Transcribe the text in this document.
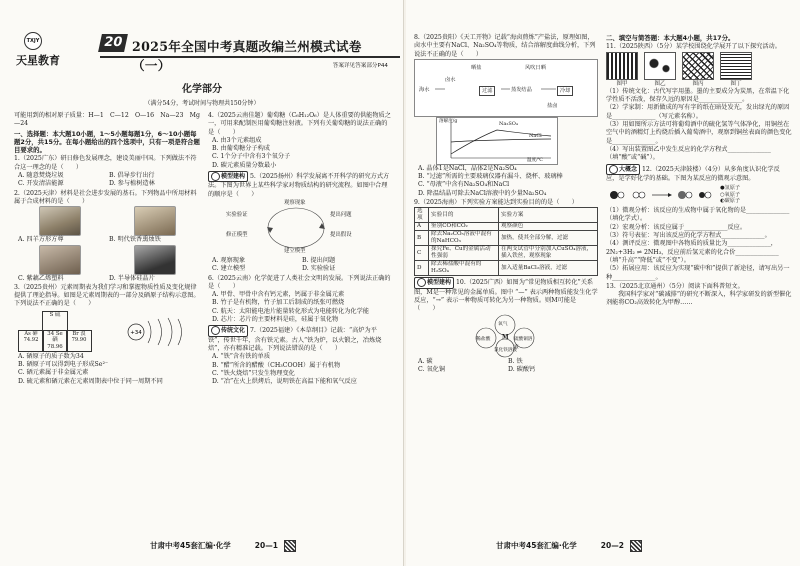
TXJY
天星教育
20 2025年全国中考真题改编兰州模式试卷（一）	答案详见答案部分P44
化学部分
（满分54分，考试时间与物理共150分钟）

可能用到的相对原子质量：H—1　C—12　O—16　Na—23　Mg—24

一、选择题：本大题10小题，1～5小题每题1分，6～10小题每题2分，共15分。在每小题给出的四个选项中，只有一项是符合题目要求的。

1.（2025广东）研日修色发展理念，建设美丽中国。下列做法不符合这一理念的是（　　）

A. 随意焚烧垃圾	B. 倡导步行出行
C. 开发清洁能源	D. 参与植树造林

2.（2025天津）材料是社会进步发展的基石。下列物品中所用材料属于合成材料的是（　　）

A. 四羊方形方尊	B. 明代铁香熏烛铁
C. 紫藕乙烯塑料	D. 半导体硅晶片

3.（2025贵州）元素周期表为我们学习和掌握物质性质及变化规律提供了理论指导。如图是元素周期表的一部分及硒原子结构示意图。下列说法不正确的是（　　）

S 硫
As 砷 74.92
34 Se
硒
78.96
Br 溴 79.90
+34

A. 硒原子的质子数为34

B. 硒原子可以得到电子形成Se²⁻

C. 硒元素属于非金属元素

D. 硫元素和硒元素在元素周期表中位于同一周期不同

4.（2025云南佳题）葡萄糖（C₆H₁₂O₆）是人体重要的供能物质之一，可用来配制医用葡萄糖注射液。下列有关葡萄糖的说法正确的是（　　）

A. 由3个元素组成

B. 由葡萄糖分子构成

C. 1个分子中含有3个氧分子

D. 碳元素质量分数最小

模型建构 5.（2025扬州）科学发展离不开科学的研究方式方法。下图为世界上某些科学家对物质结构的研究流程。如图中合理的顺序是（　　）

观察现象
提出问题
提出假设
建立模型
修正模型
实验验证
A. 观察现象	B. 提出问题
C. 建立模型	D. 实验验证

6.（2025云南）化学促进了人类社会文明的发展。下列说法正确的是（　　）

A. 甲骨、甲骨中含有钙元素，钙属于非金属元素

B. 竹子是有机物，竹子加工后制成的纸张可燃烧

C. 航天：太阳能电池片能量转化形式为电能转化为化学能

D. 芯片：芯片的主要材料是硅，硅属于氧化物

传统文化 7.（2025福建）《本草纲目》记载：“高炉为平铁”，传世千年，含有铁元素。古人“铁为炉，以火锻之，冶炼烧焙”，亦有精准记载。下列说法错误的是（　　）

A. “铁”含有铁的单质

B. “醋”所含的醋酸（CH₃COOH）属于有机物

C. “铁火烧焙”只发生物理变化

D. “冶”在火上烘烤后，说明铁在高温下能和氧气反应

甘肃中考45套汇编·化学	20—1

8.（2025贵阳）《天工开物》记载“海卤煎炼”产盐法，原理如图，卤水中主要有NaCl、Na₂SO₄等物质，结合溶解度曲线分析，下列说法不正确的是（　　）

海水
卤水
晒盐
过滤	蒸发结晶	冷却
盐卤
风吹日晒
NaCl
Na₂SO₄
溶解度/g
温度/℃

A. 晶体1是NaCl，晶体2是Na₂SO₄

B. “过滤”所需的主要玻璃仪器有漏斗、烧杯、玻璃棒

C. “母液”中含有Na₂SO₄和NaCl

D. 降温结晶可除去NaCl溶液中的少量Na₂SO₄

9.（2025海南）下列实验方案能达到实验目的的是（　　）

选项	实验目的	实验方案
A	鉴别CO和CO₂	观察颜色
B	除去Na₂CO₃溶液中混有的NaHCO₃	加热，使其全部分解，过滤
C	探究Fe、Cu的金属活动性强弱	在两支试管中分别加入CuSO₄溶液，插入铁丝，观察现象
D	除去稀盐酸中混有的H₂SO₄	加入适量BaCl₂溶液，过滤

模型建构 10.（2025广西）如图为“常见物质相互转化”关系图，M是一种常见的金属单质。图中 “—” 表示两种物质能发生化学反应，“→” 表示一种物质可转化为另一种物质。则M可能是（　　）

M
氧气
稀盐酸	硫酸铜溶液
氯化铁溶液
A. 碳	B. 铁
C. 氧化铜	D. 碳酸钙

二、填空与简答题：本大题4小题，共17分。

11.（2025陕西）（5分）某学校围绕化学展开了以下探究活动。

图甲	图乙	图丙	图丁

（1）传统文化：古代写字用墨。墨的主要成分为炭黑，在常温下化学性质不活泼，保存久远的原因是______________。

（2）学家制：用新做成的写有字的纸在暗处发光，发出绿光的原因是______________（写元素名称）。

（3）用如图所示方法可将葡萄酒中的硫化氢等气体净化，用铜丝在空气中的酒精灯上灼烧后插入葡萄酒中，观察到铜丝表面的颜色变化是______________。

（4）写出装置图乙中发生反应的化学方程式______________（填“酸”或“碱”）。

大概念 12.（2025天津鼓楼）（4分）从多角度认识化学反应，是学好化学的基础。下图为某反应的微观示意图。

●氢原子
○氧原子
◐碳原子

（1）微观分析：该反应的生成物中属于氧化物的是______________（填化学式）。

（2）宏观分析：该反应属于______________反应。

（3）符号表征：写出该反应的化学方程式______________。

（4）测评反应：微观图中各物质的质量比为______________，2N₂+3H₂ ⇌ 2NH₃，反应前后氢元素的化合价______________（填“升高”“降低”或“不变”）。

（5）拓展应用：该反应为实现“碳中和”提供了新途径，请写出另一种______________。

13.（2025北京通州）（5分）阅读下面科普短文。

我国科学家对“碳减排”的研究不断深入，科学家研发的新型催化剂能将CO₂高效转化为甲醇……

甘肃中考45套汇编·化学	20—2
